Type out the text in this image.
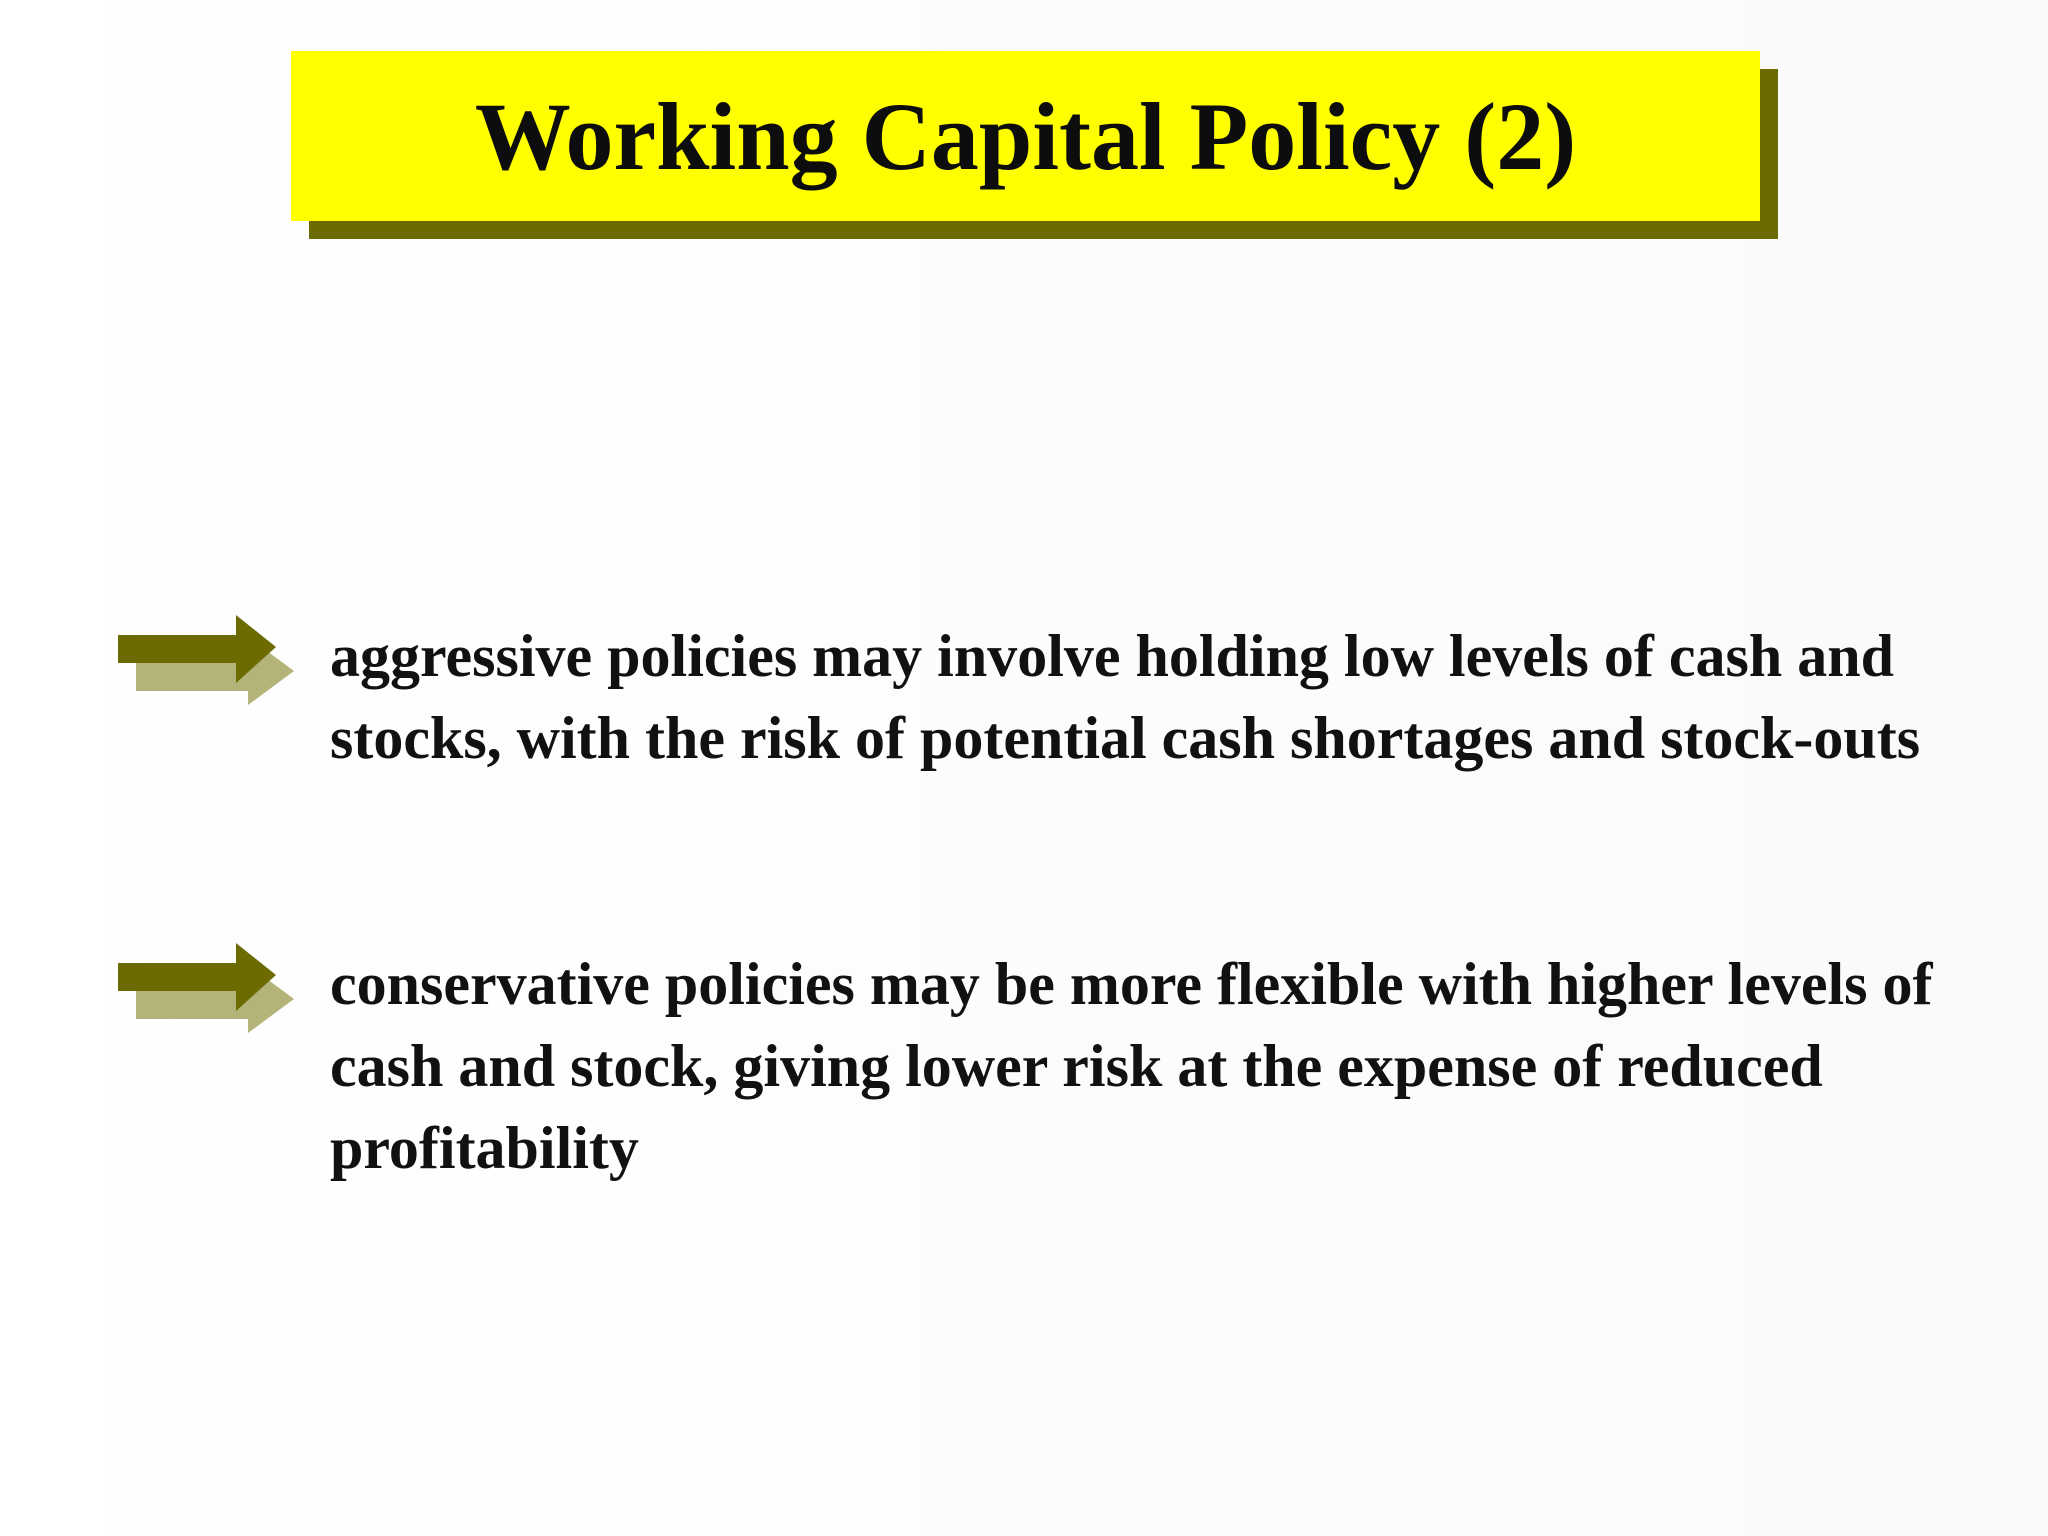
Working Capital Policy (2)
aggressive policies may involve holding low levels of cash and stocks, with the risk of potential cash shortages and stock-outs
conservative policies may be more flexible with higher levels of cash and stock, giving lower risk at the expense of reduced profitability
